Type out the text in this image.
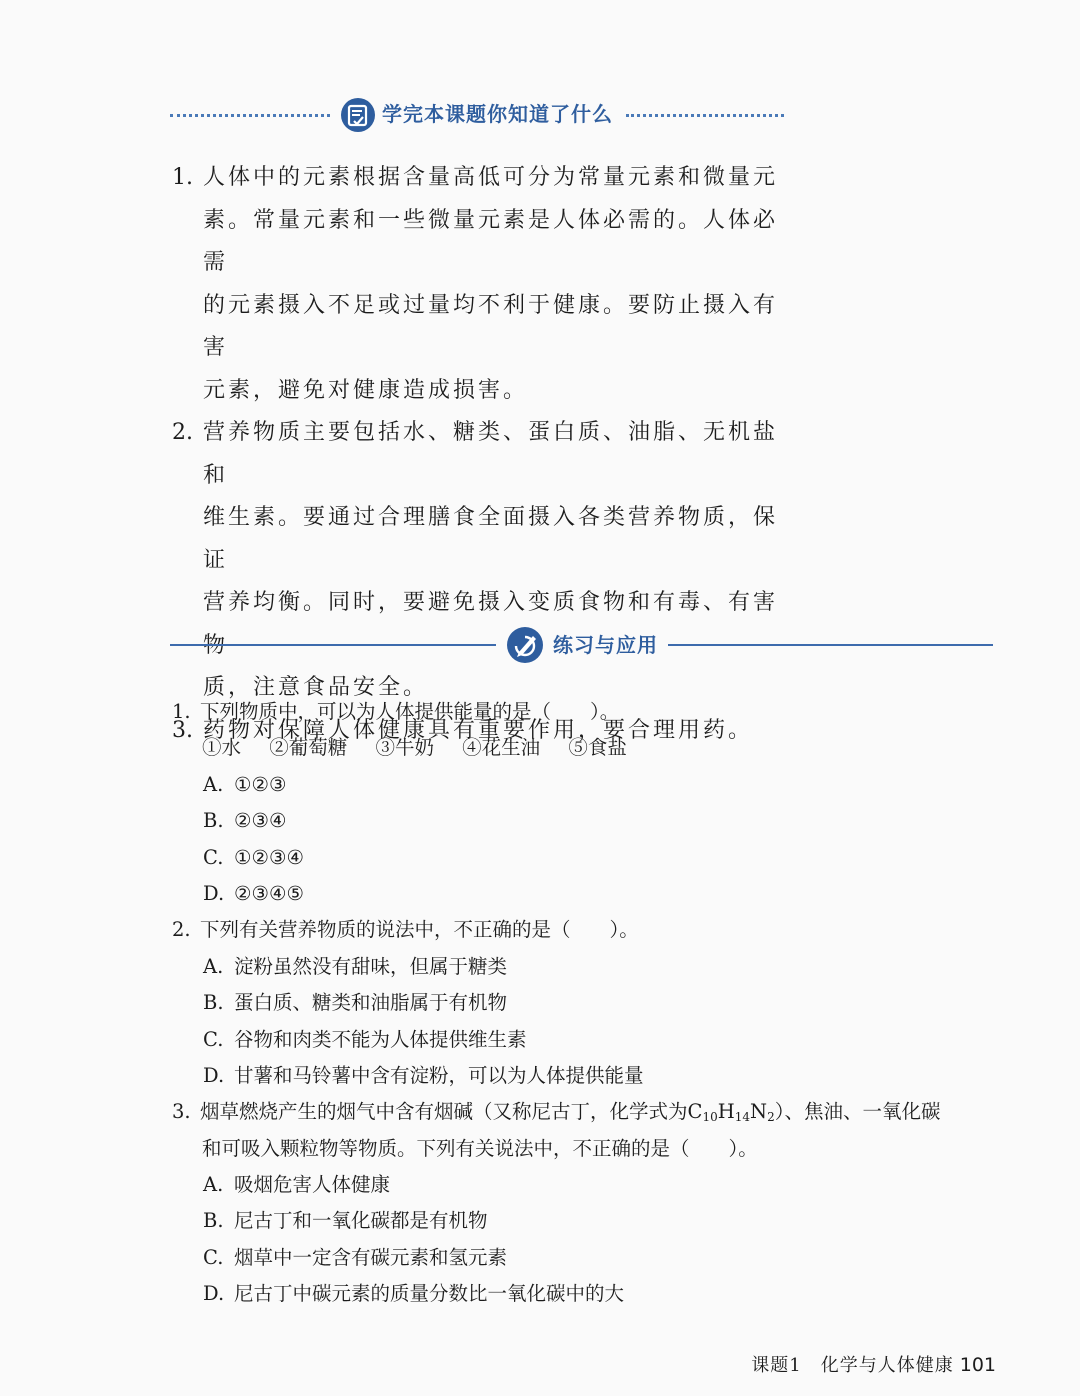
学完本课题你知道了什么
1. 人体中的元素根据含量高低可分为常量元素和微量元
素。常量元素和一些微量元素是人体必需的。人体必需
的元素摄入不足或过量均不利于健康。要防止摄入有害
元素，避免对健康造成损害。
2. 营养物质主要包括水、糖类、蛋白质、油脂、无机盐和
维生素。要通过合理膳食全面摄入各类营养物质，保证
营养均衡。同时，要避免摄入变质食物和有毒、有害物
质，注意食品安全。
3. 药物对保障人体健康具有重要作用，要合理用药。
练习与应用
1. 下列物质中，可以为人体提供能量的是（　　）。
①水 ②葡萄糖 ③牛奶 ④花生油 ⑤食盐
A. ①②③
B. ②③④
C. ①②③④
D. ②③④⑤
2. 下列有关营养物质的说法中，不正确的是（　　）。
A. 淀粉虽然没有甜味，但属于糖类
B. 蛋白质、糖类和油脂属于有机物
C. 谷物和肉类不能为人体提供维生素
D. 甘薯和马铃薯中含有淀粉，可以为人体提供能量
3. 烟草燃烧产生的烟气中含有烟碱（又称尼古丁，化学式为$C_{10}H_{14}N_2$）、焦油、一氧化碳
和可吸入颗粒物等物质。下列有关说法中，不正确的是（　　）。
A. 吸烟危害人体健康
B. 尼古丁和一氧化碳都是有机物
C. 烟草中一定含有碳元素和氢元素
D. 尼古丁中碳元素的质量分数比一氧化碳中的大
课题1　化学与人体健康 101
